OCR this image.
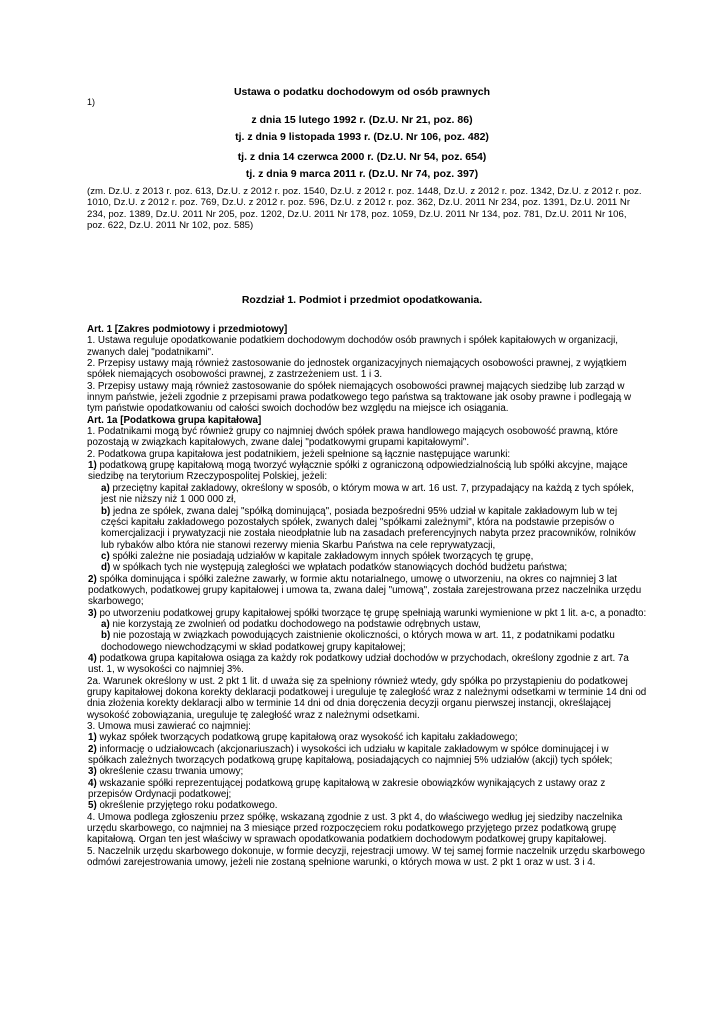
1)
Ustawa o podatku dochodowym od osób prawnych
z dnia 15 lutego 1992 r. (Dz.U. Nr 21, poz. 86)
tj. z dnia 9 listopada 1993 r. (Dz.U. Nr 106, poz. 482)
tj. z dnia 14 czerwca 2000 r. (Dz.U. Nr 54, poz. 654)
tj. z dnia 9 marca 2011 r. (Dz.U. Nr 74, poz. 397)
(zm. Dz.U. z 2013 r. poz. 613, Dz.U. z 2012 r. poz. 1540, Dz.U. z 2012 r. poz. 1448, Dz.U. z 2012 r. poz. 1342, Dz.U. z 2012 r. poz. 1010, Dz.U. z 2012 r. poz. 769, Dz.U. z 2012 r. poz. 596, Dz.U. z 2012 r. poz. 362, Dz.U. 2011 Nr 234, poz. 1391, Dz.U. 2011 Nr 234, poz. 1389, Dz.U. 2011 Nr 205, poz. 1202, Dz.U. 2011 Nr 178, poz. 1059, Dz.U. 2011 Nr 134, poz. 781, Dz.U. 2011 Nr 106, poz. 622, Dz.U. 2011 Nr 102, poz. 585)
Rozdział 1. Podmiot i przedmiot opodatkowania.

Art. 1 [Zakres podmiotowy i przedmiotowy]

1. Ustawa reguluje opodatkowanie podatkiem dochodowym dochodów osób prawnych i spółek kapitałowych w organizacji, zwanych dalej "podatnikami".

2. Przepisy ustawy mają również zastosowanie do jednostek organizacyjnych niemających osobowości prawnej, z wyjątkiem spółek niemających osobowości prawnej, z zastrzeżeniem ust. 1 i 3.

3. Przepisy ustawy mają również zastosowanie do spółek niemających osobowości prawnej mających siedzibę lub zarząd w innym państwie, jeżeli zgodnie z przepisami prawa podatkowego tego państwa są traktowane jak osoby prawne i podlegają w tym państwie opodatkowaniu od całości swoich dochodów bez względu na miejsce ich osiągania.

Art. 1a [Podatkowa grupa kapitałowa]

1. Podatnikami mogą być również grupy co najmniej dwóch spółek prawa handlowego mających osobowość prawną, które pozostają w związkach kapitałowych, zwane dalej "podatkowymi grupami kapitałowymi".

2. Podatkowa grupa kapitałowa jest podatnikiem, jeżeli spełnione są łącznie następujące warunki:

1) podatkową grupę kapitałową mogą tworzyć wyłącznie spółki z ograniczoną odpowiedzialnością lub spółki akcyjne, mające siedzibę na terytorium Rzeczypospolitej Polskiej, jeżeli:

a) przeciętny kapitał zakładowy, określony w sposób, o którym mowa w art. 16 ust. 7, przypadający na każdą z tych spółek, jest nie niższy niż 1 000 000 zł,

b) jedna ze spółek, zwana dalej "spółką dominującą", posiada bezpośredni 95% udział w kapitale zakładowym lub w tej części kapitału zakładowego pozostałych spółek, zwanych dalej "spółkami zależnymi", która na podstawie przepisów o komercjalizacji i prywatyzacji nie została nieodpłatnie lub na zasadach preferencyjnych nabyta przez pracowników, rolników lub rybaków albo która nie stanowi rezerwy mienia Skarbu Państwa na cele reprywatyzacji,

c) spółki zależne nie posiadają udziałów w kapitale zakładowym innych spółek tworzących tę grupę,

d) w spółkach tych nie występują zaległości we wpłatach podatków stanowiących dochód budżetu państwa;

2) spółka dominująca i spółki zależne zawarły, w formie aktu notarialnego, umowę o utworzeniu, na okres co najmniej 3 lat podatkowych, podatkowej grupy kapitałowej i umowa ta, zwana dalej "umową", została zarejestrowana przez naczelnika urzędu skarbowego;

3) po utworzeniu podatkowej grupy kapitałowej spółki tworzące tę grupę spełniają warunki wymienione w pkt 1 lit. a-c, a ponadto:

a) nie korzystają ze zwolnień od podatku dochodowego na podstawie odrębnych ustaw,

b) nie pozostają w związkach powodujących zaistnienie okoliczności, o których mowa w art. 11, z podatnikami podatku dochodowego niewchodzącymi w skład podatkowej grupy kapitałowej;

4) podatkowa grupa kapitałowa osiąga za każdy rok podatkowy udział dochodów w przychodach, określony zgodnie z art. 7a ust. 1, w wysokości co najmniej 3%.

2a. Warunek określony w ust. 2 pkt 1 lit. d uważa się za spełniony również wtedy, gdy spółka po przystąpieniu do podatkowej grupy kapitałowej dokona korekty deklaracji podatkowej i ureguluje tę zaległość wraz z należnymi odsetkami w terminie 14 dni od dnia złożenia korekty deklaracji albo w terminie 14 dni od dnia doręczenia decyzji organu pierwszej instancji, określającej wysokość zobowiązania, ureguluje tę zaległość wraz z należnymi odsetkami.

3. Umowa musi zawierać co najmniej:

1) wykaz spółek tworzących podatkową grupę kapitałową oraz wysokość ich kapitału zakładowego;

2) informację o udziałowcach (akcjonariuszach) i wysokości ich udziału w kapitale zakładowym w spółce dominującej i w spółkach zależnych tworzących podatkową grupę kapitałową, posiadających co najmniej 5% udziałów (akcji) tych spółek;

3) określenie czasu trwania umowy;

4) wskazanie spółki reprezentującej podatkową grupę kapitałową w zakresie obowiązków wynikających z ustawy oraz z przepisów Ordynacji podatkowej;

5) określenie przyjętego roku podatkowego.

4. Umowa podlega zgłoszeniu przez spółkę, wskazaną zgodnie z ust. 3 pkt 4, do właściwego według jej siedziby naczelnika urzędu skarbowego, co najmniej na 3 miesiące przed rozpoczęciem roku podatkowego przyjętego przez podatkową grupę kapitałową. Organ ten jest właściwy w sprawach opodatkowania podatkiem dochodowym podatkowej grupy kapitałowej.

5. Naczelnik urzędu skarbowego dokonuje, w formie decyzji, rejestracji umowy. W tej samej formie naczelnik urzędu skarbowego odmówi zarejestrowania umowy, jeżeli nie zostaną spełnione warunki, o których mowa w ust. 2 pkt 1 oraz w ust. 3 i 4.
